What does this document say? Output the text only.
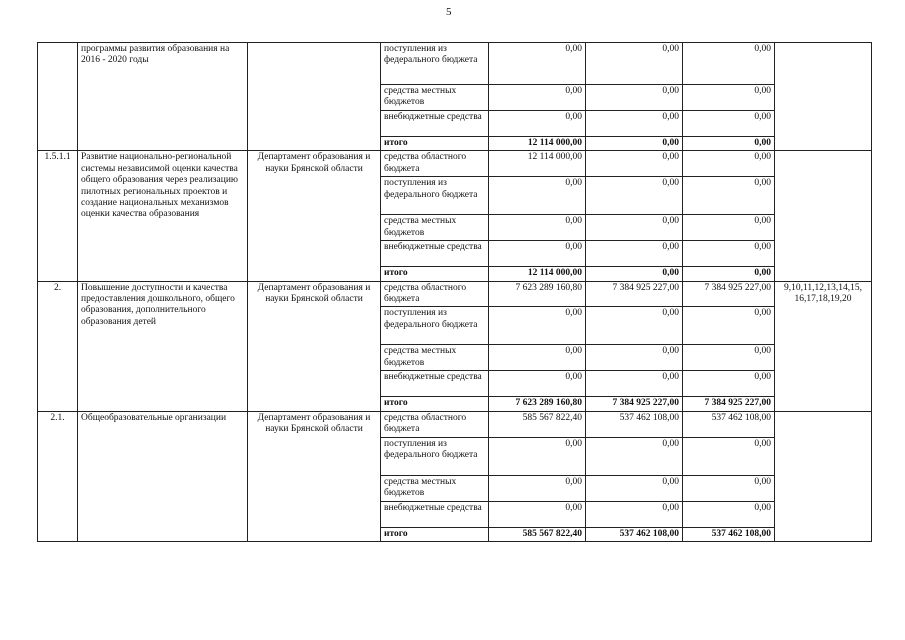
5
	программы развития образования на 2016 - 2020 годы		поступления из федерального бюджета	0,00	0,00	0,00	
			средства местных бюджетов	0,00	0,00	0,00	
			внебюджетные средства	0,00	0,00	0,00	
			итого	12 114 000,00	0,00	0,00	
1.5.1.1	Развитие национально-региональной системы независимой оценки качества общего образования через реализацию пилотных региональных проектов и создание национальных механизмов оценки качества образования	Департамент образования и науки Брянской области	средства областного бюджета	12 114 000,00	0,00	0,00	
			поступления из федерального бюджета	0,00	0,00	0,00	
			средства местных бюджетов	0,00	0,00	0,00	
			внебюджетные средства	0,00	0,00	0,00	
			итого	12 114 000,00	0,00	0,00	
2.	Повышение доступности и качества предоставления дошкольного, общего образования, дополнительного образования детей	Департамент образования и науки Брянской области	средства областного бюджета	7 623 289 160,80	7 384 925 227,00	7 384 925 227,00	9,10,11,12,13,14,15, 16,17,18,19,20
			поступления из федерального бюджета	0,00	0,00	0,00	
			средства местных бюджетов	0,00	0,00	0,00	
			внебюджетные средства	0,00	0,00	0,00	
			итого	7 623 289 160,80	7 384 925 227,00	7 384 925 227,00	
2.1.	Общеобразовательные организации	Департамент образования и науки Брянской области	средства областного бюджета	585 567 822,40	537 462 108,00	537 462 108,00	
			поступления из федерального бюджета	0,00	0,00	0,00	
			средства местных бюджетов	0,00	0,00	0,00	
			внебюджетные средства	0,00	0,00	0,00	
			итого	585 567 822,40	537 462 108,00	537 462 108,00	
